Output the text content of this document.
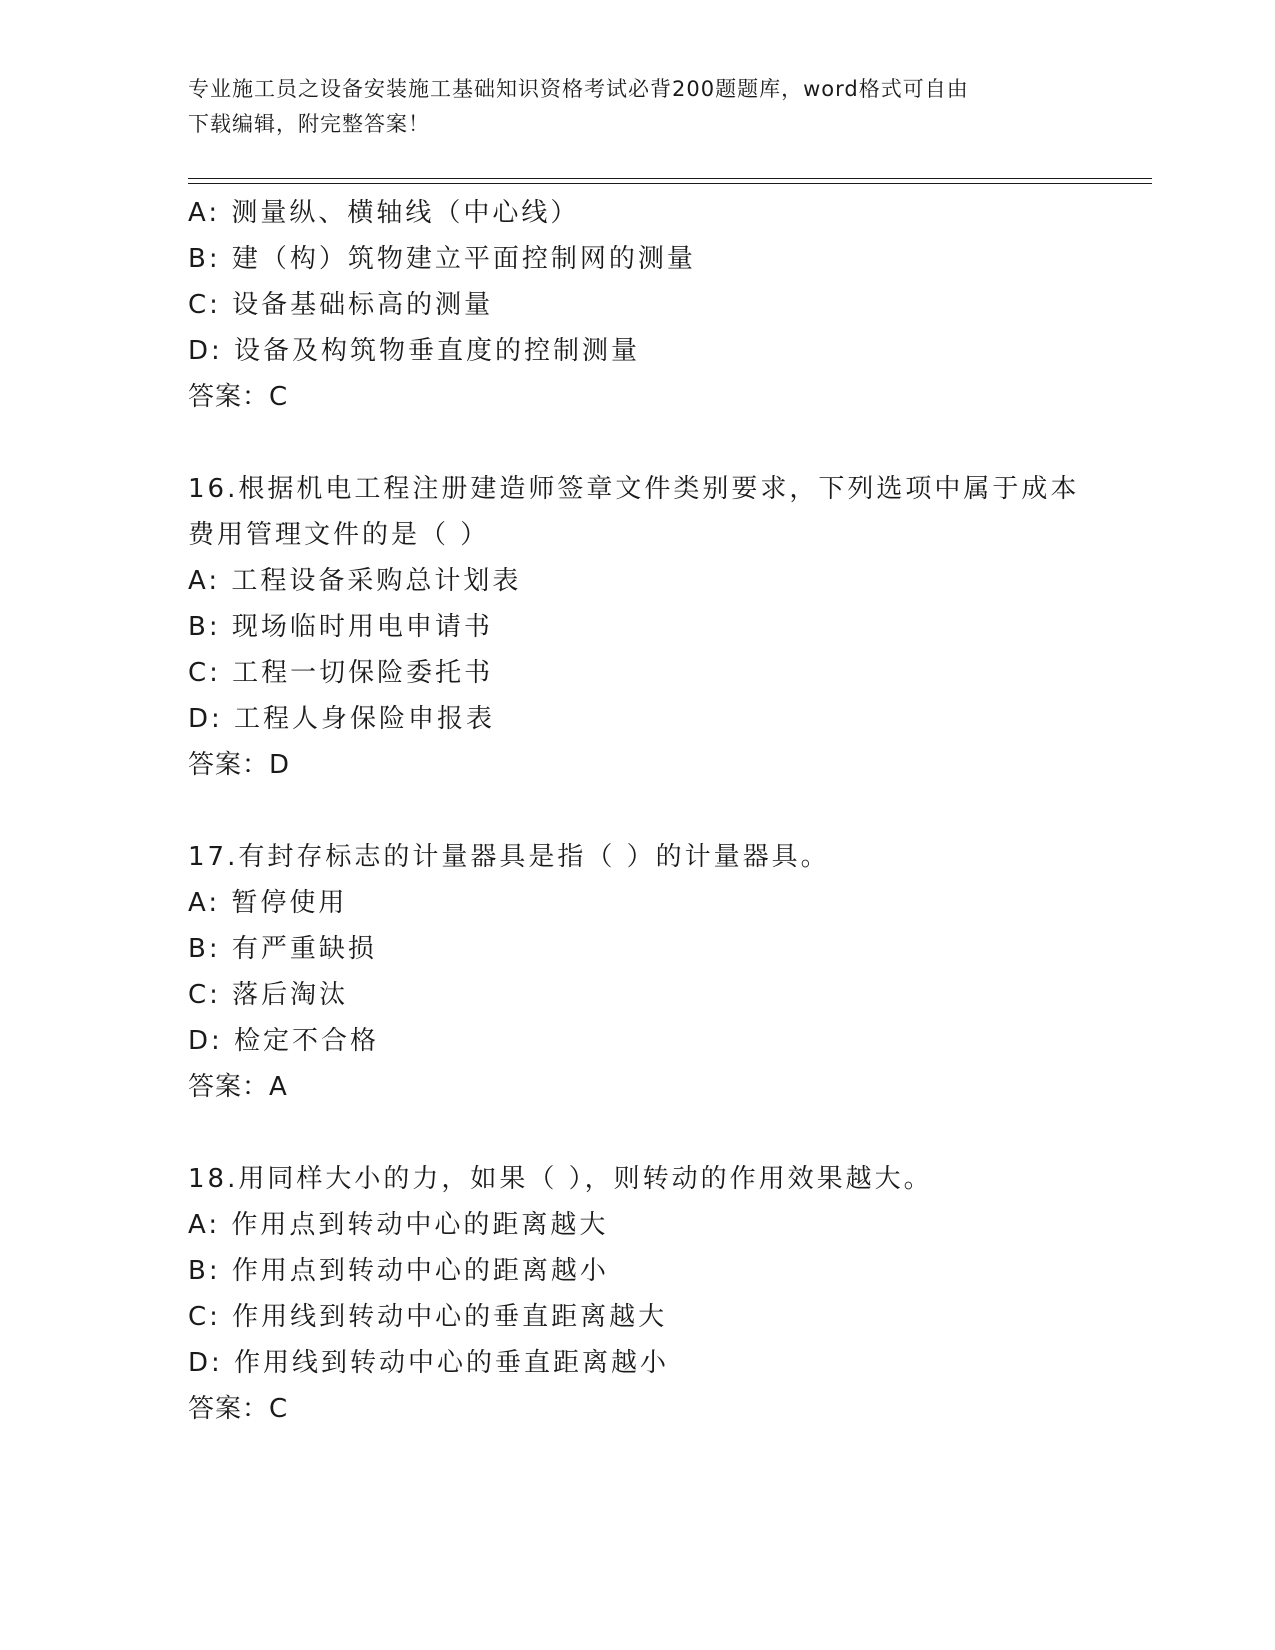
专业施工员之设备安装施工基础知识资格考试必背200题题库，word格式可自由
下载编辑，附完整答案！
A: 测量纵、横轴线（中心线）
B: 建（构）筑物建立平面控制网的测量
C: 设备基础标高的测量
D: 设备及构筑物垂直度的控制测量
答案：C
16.根据机电工程注册建造师签章文件类别要求，下列选项中属于成本
费用管理文件的是（ ）
A: 工程设备采购总计划表
B: 现场临时用电申请书
C: 工程一切保险委托书
D: 工程人身保险申报表
答案：D
17.有封存标志的计量器具是指（ ）的计量器具。
A: 暂停使用
B: 有严重缺损
C: 落后淘汰
D: 检定不合格
答案：A
18.用同样大小的力，如果（ ），则转动的作用效果越大。
A: 作用点到转动中心的距离越大
B: 作用点到转动中心的距离越小
C: 作用线到转动中心的垂直距离越大
D: 作用线到转动中心的垂直距离越小
答案：C
